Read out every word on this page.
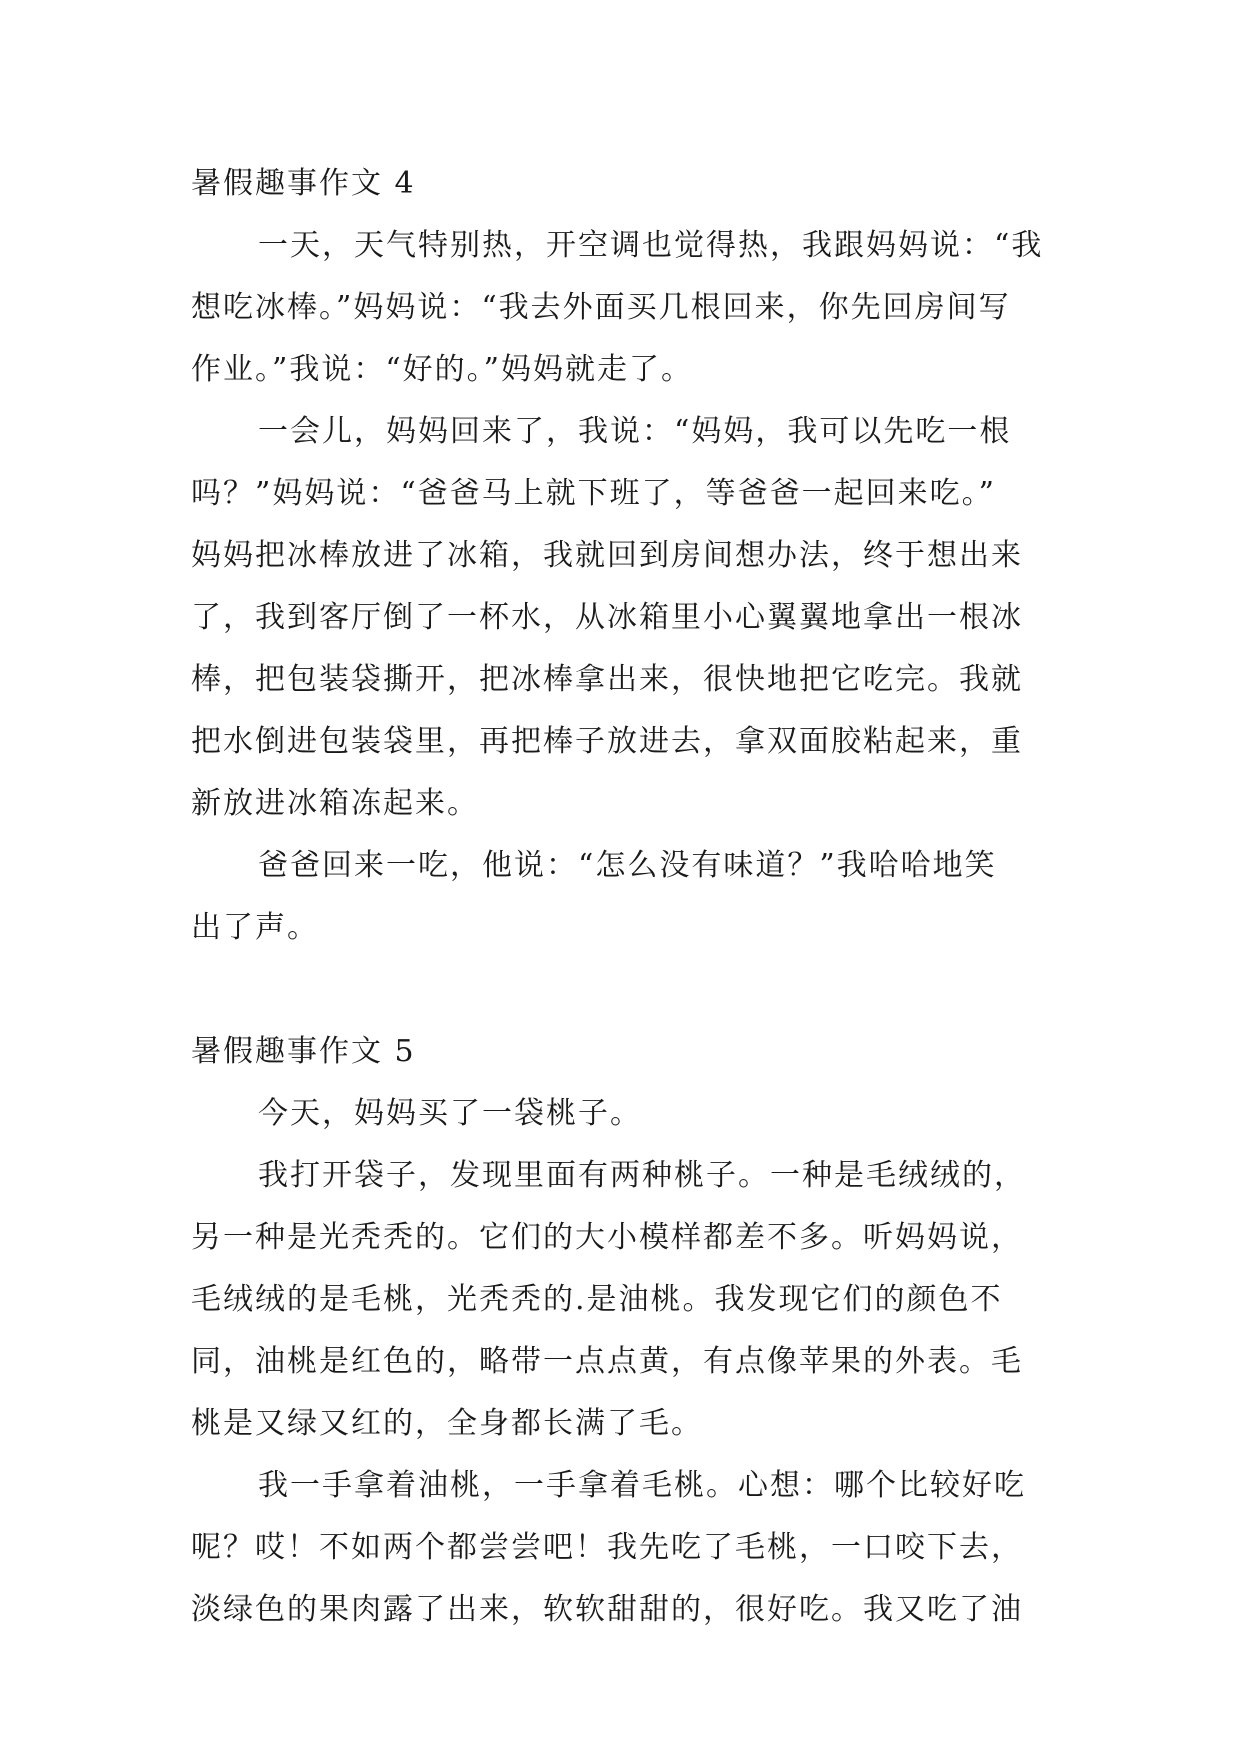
暑假趣事作文 4
一天，天气特别热，开空调也觉得热，我跟妈妈说：“我
想吃冰棒。”妈妈说：“我去外面买几根回来，你先回房间写
作业。”我说：“好的。”妈妈就走了。
一会儿，妈妈回来了，我说：“妈妈，我可以先吃一根
吗？”妈妈说：“爸爸马上就下班了，等爸爸一起回来吃。”
妈妈把冰棒放进了冰箱，我就回到房间想办法，终于想出来
了，我到客厅倒了一杯水，从冰箱里小心翼翼地拿出一根冰
棒，把包装袋撕开，把冰棒拿出来，很快地把它吃完。我就
把水倒进包装袋里，再把棒子放进去，拿双面胶粘起来，重
新放进冰箱冻起来。
爸爸回来一吃，他说：“怎么没有味道？”我哈哈地笑
出了声。
暑假趣事作文 5
今天，妈妈买了一袋桃子。
我打开袋子，发现里面有两种桃子。一种是毛绒绒的，
另一种是光秃秃的。它们的大小模样都差不多。听妈妈说，
毛绒绒的是毛桃，光秃秃的.是油桃。我发现它们的颜色不
同，油桃是红色的，略带一点点黄，有点像苹果的外表。毛
桃是又绿又红的，全身都长满了毛。
我一手拿着油桃，一手拿着毛桃。心想：哪个比较好吃
呢？哎！不如两个都尝尝吧！我先吃了毛桃，一口咬下去，
淡绿色的果肉露了出来，软软甜甜的，很好吃。我又吃了油
